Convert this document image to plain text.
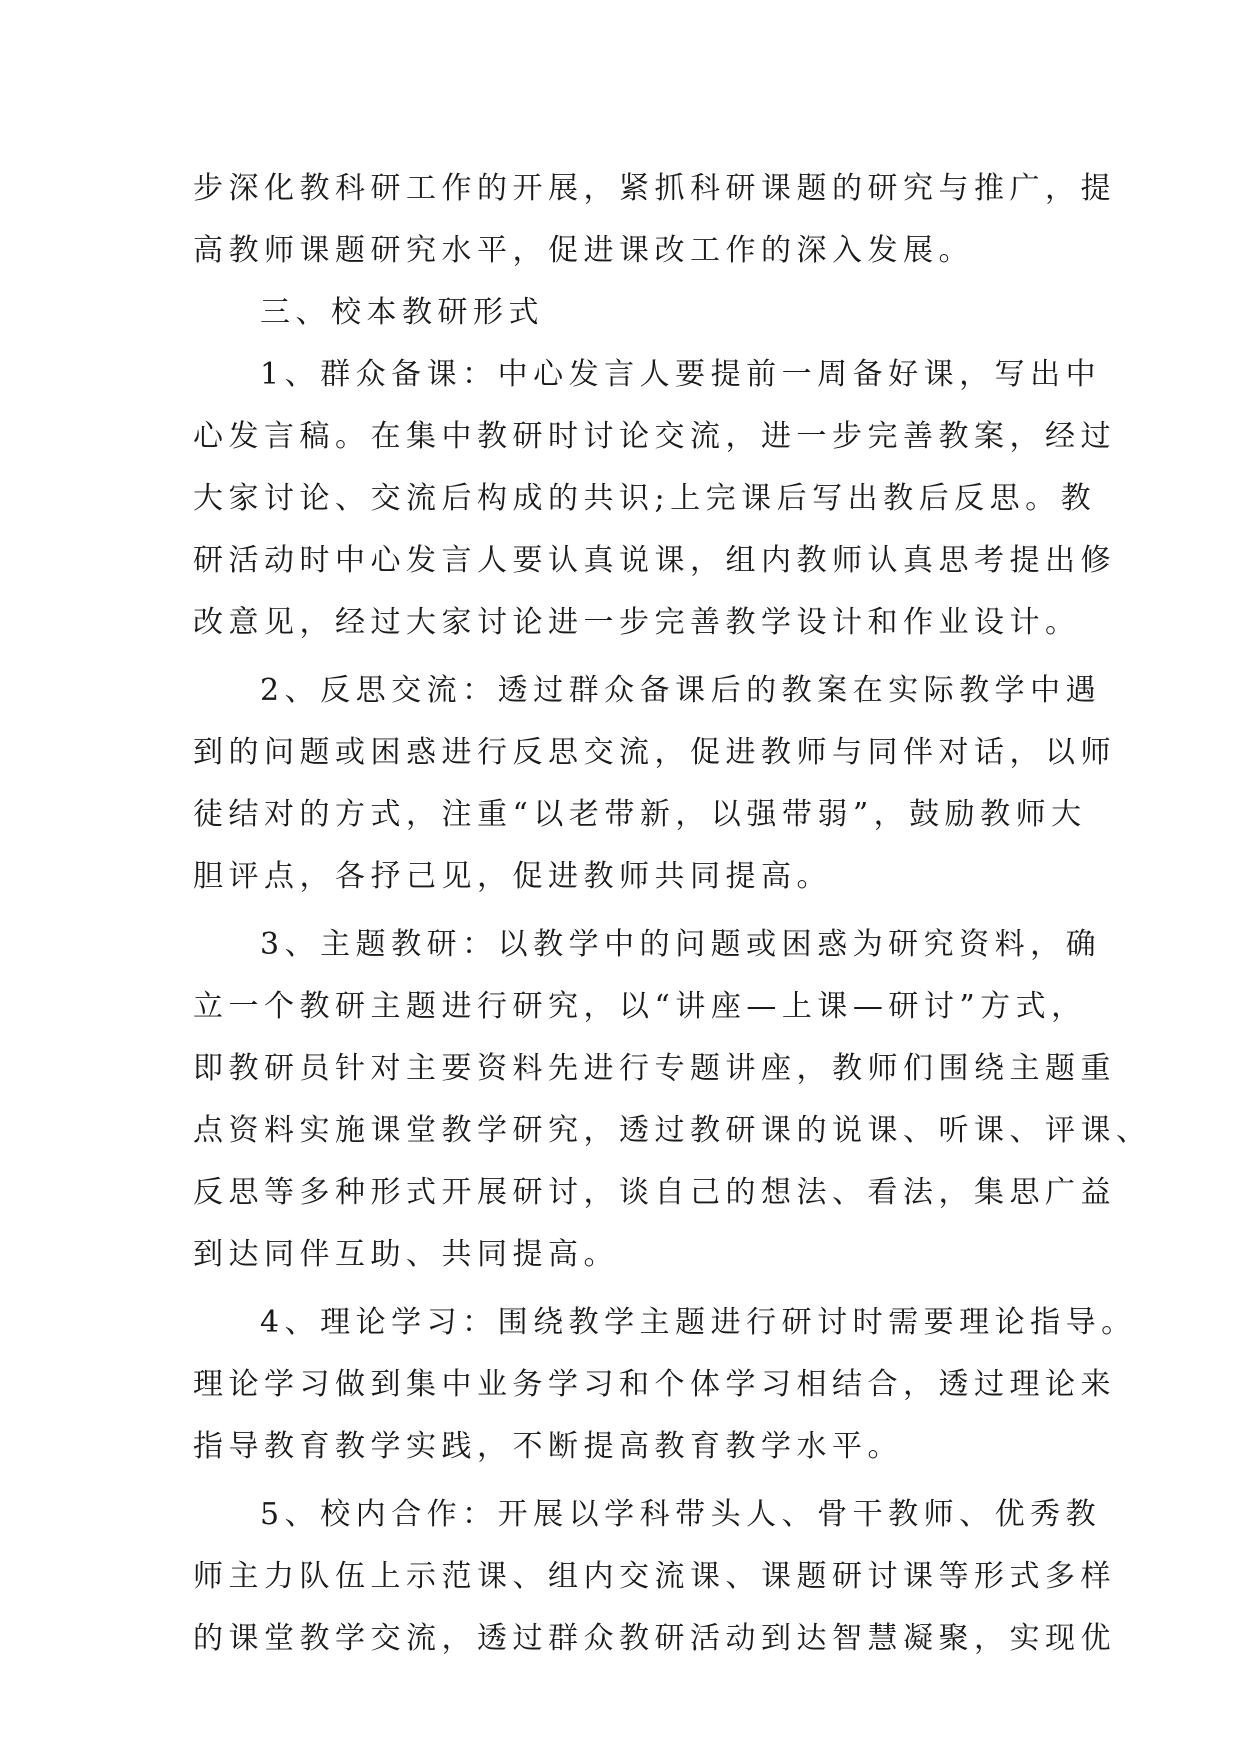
步深化教科研工作的开展，紧抓科研课题的研究与推广，提
高教师课题研究水平，促进课改工作的深入发展。
三、校本教研形式
1、群众备课：中心发言人要提前一周备好课，写出中
心发言稿。在集中教研时讨论交流，进一步完善教案，经过
大家讨论、交流后构成的共识;上完课后写出教后反思。教
研活动时中心发言人要认真说课，组内教师认真思考提出修
改意见，经过大家讨论进一步完善教学设计和作业设计。
2、反思交流：透过群众备课后的教案在实际教学中遇
到的问题或困惑进行反思交流，促进教师与同伴对话，以师
徒结对的方式，注重“以老带新，以强带弱”，鼓励教师大
胆评点，各抒己见，促进教师共同提高。
3、主题教研：以教学中的问题或困惑为研究资料，确
立一个教研主题进行研究，以“讲座—上课—研讨”方式，
即教研员针对主要资料先进行专题讲座，教师们围绕主题重
点资料实施课堂教学研究，透过教研课的说课、听课、评课、
反思等多种形式开展研讨，谈自己的想法、看法，集思广益
到达同伴互助、共同提高。
4、理论学习：围绕教学主题进行研讨时需要理论指导。
理论学习做到集中业务学习和个体学习相结合，透过理论来
指导教育教学实践，不断提高教育教学水平。
5、校内合作：开展以学科带头人、骨干教师、优秀教
师主力队伍上示范课、组内交流课、课题研讨课等形式多样
的课堂教学交流，透过群众教研活动到达智慧凝聚，实现优
